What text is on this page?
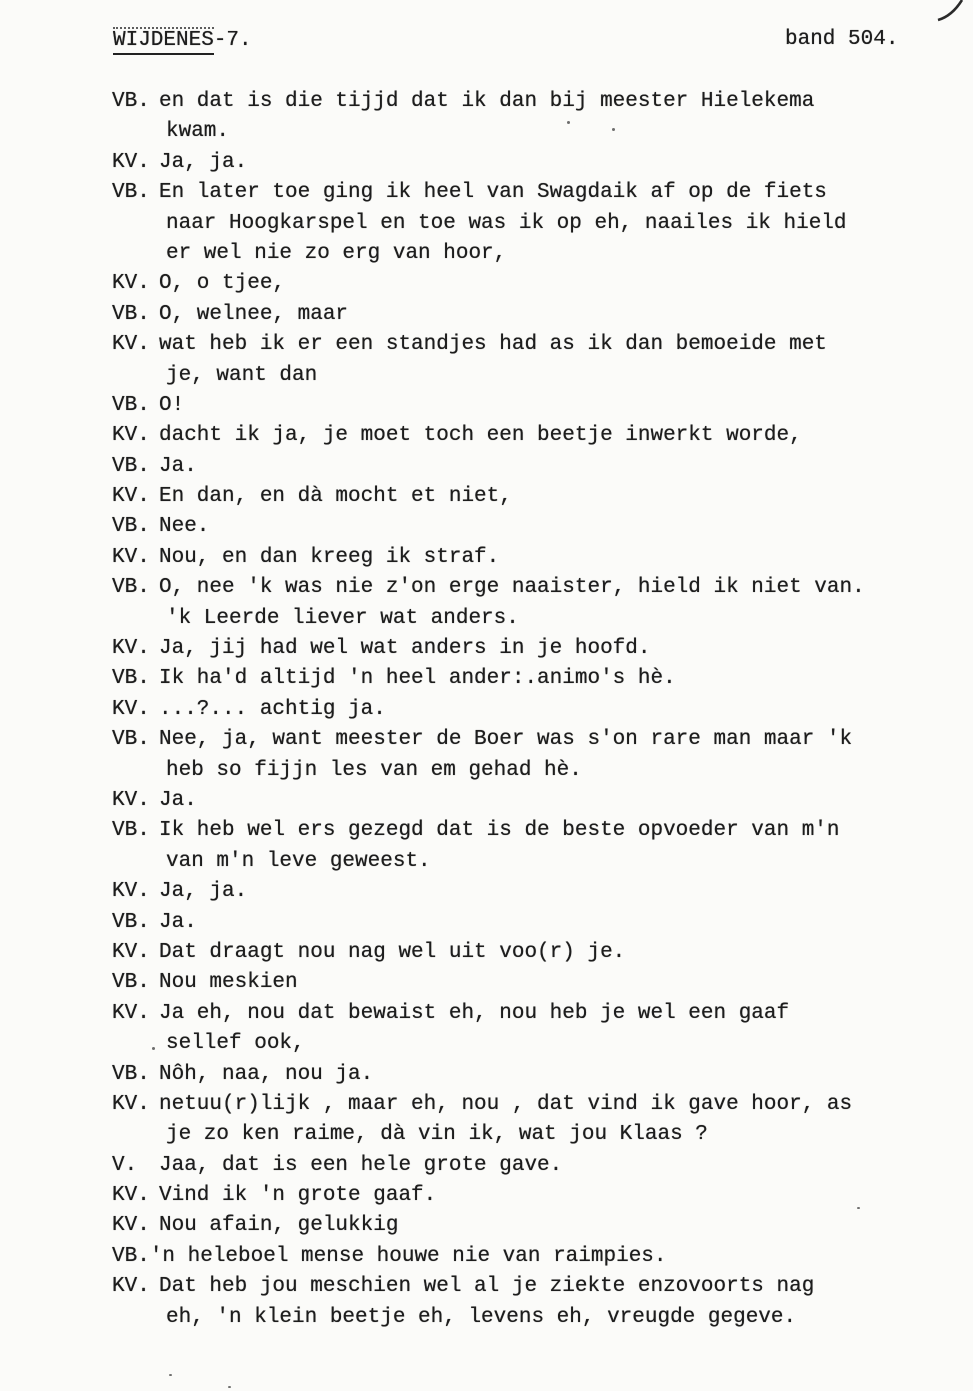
WIJDENES-7.	band 504.
VB. en dat is die tijjd dat ik dan bij meester Hielekema
kwam.
KV. Ja, ja.
VB. En later toe ging ik heel van Swagdaik af op de fiets
naar Hoogkarspel en toe was ik op eh, naailes ik hield
er wel nie zo erg van hoor,
KV. O, o tjee,
VB. O, welnee, maar
KV. wat heb ik er een standjes had as ik dan bemoeide met
je, want dan
VB. O!
KV. dacht ik ja, je moet toch een beetje inwerkt worde,
VB. Ja.
KV. En dan, en dà mocht et niet,
VB. Nee.
KV. Nou, en dan kreeg ik straf.
VB. O, nee 'k was nie z'on erge naaister, hield ik niet van.
'k Leerde liever wat anders.
KV. Ja, jij had wel wat anders in je hoofd.
VB. Ik ha'd altijd 'n heel ander:.animo's hè.
KV. ...?... achtig ja.
VB. Nee, ja, want meester de Boer was s'on rare man maar 'k
heb so fijjn les van em gehad hè.
KV. Ja.
VB. Ik heb wel ers gezegd dat is de beste opvoeder van m'n
van m'n leve geweest.
KV. Ja, ja.
VB. Ja.
KV. Dat draagt nou nag wel uit voo(r) je.
VB. Nou meskien
KV. Ja eh, nou dat bewaist eh, nou heb je wel een gaaf
sellef ook,
VB. Nôh, naa, nou ja.
KV. netuu(r)lijk , maar eh, nou , dat vind ik gave hoor, as
je zo ken raime, dà vin ik, wat jou Klaas ?
V. Jaa, dat is een hele grote gave.
KV. Vind ik 'n grote gaaf.
KV. Nou afain, gelukkig
VB.'n heleboel mense houwe nie van raimpies.
KV. Dat heb jou meschien wel al je ziekte enzovoorts nag
eh, 'n klein beetje eh, levens eh, vreugde gegeve.
